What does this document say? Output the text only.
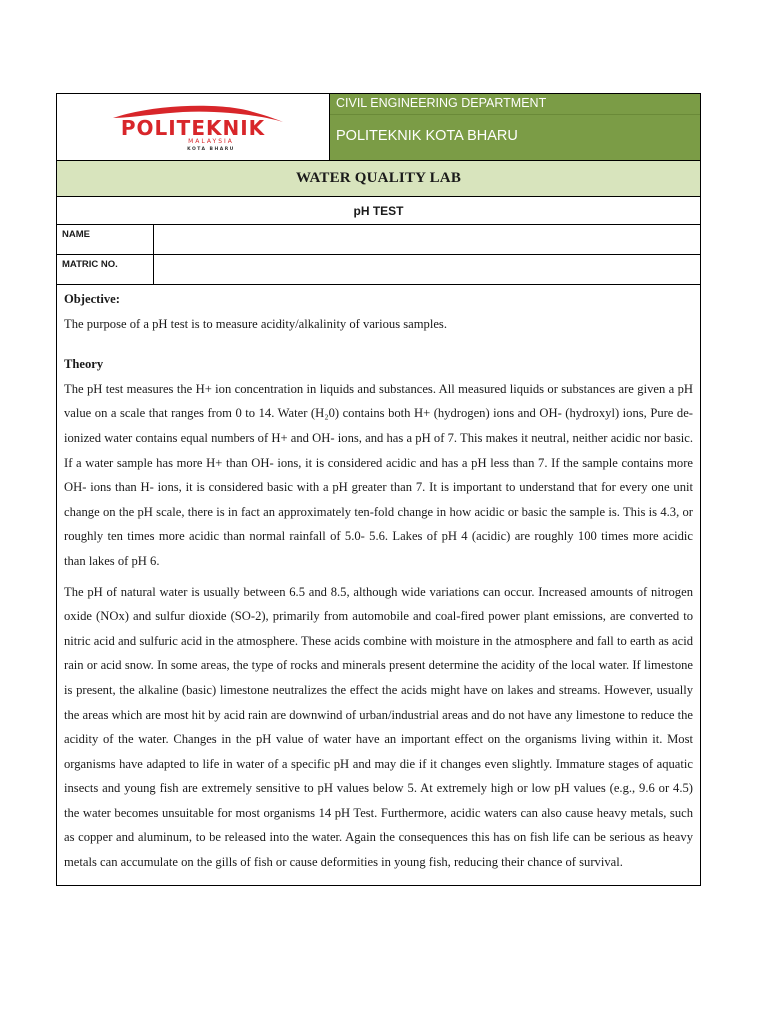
POLITEKNIK
MALAYSIA
KOTA BHARU
CIVIL ENGINEERING DEPARTMENT
POLITEKNIK KOTA BHARU
WATER QUALITY LAB
pH TEST
NAME
MATRIC NO.

Objective:

The purpose of a pH test is to measure acidity/alkalinity of various samples.

Theory

The pH test measures the H+ ion concentration in liquids and substances. All measured liquids or substances are given a pH value on a scale that ranges from 0 to 14. Water (H₂0) contains both H+ (hydrogen) ions and OH- (hydroxyl) ions, Pure de-ionized water contains equal numbers of H+ and OH- ions, and has a pH of 7. This makes it neutral, neither acidic nor basic. If a water sample has more H+ than OH- ions, it is considered acidic and has a pH less than 7. If the sample contains more OH- ions than H- ions, it is considered basic with a pH greater than 7. It is important to understand that for every one unit change on the pH scale, there is in fact an approximately ten-fold change in how acidic or basic the sample is. This is 4.3, or roughly ten times more acidic than normal rainfall of 5.0- 5.6. Lakes of pH 4 (acidic) are roughly 100 times more acidic than lakes of pH 6.

The pH of natural water is usually between 6.5 and 8.5, although wide variations can occur. Increased amounts of nitrogen oxide (NOx) and sulfur dioxide (SO-2), primarily from automobile and coal-fired power plant emissions, are converted to nitric acid and sulfuric acid in the atmosphere. These acids combine with moisture in the atmosphere and fall to earth as acid rain or acid snow. In some areas, the type of rocks and minerals present determine the acidity of the local water. If limestone is present, the alkaline (basic) limestone neutralizes the effect the acids might have on lakes and streams. However, usually the areas which are most hit by acid rain are downwind of urban/industrial areas and do not have any limestone to reduce the acidity of the water. Changes in the pH value of water have an important effect on the organisms living within it. Most organisms have adapted to life in water of a specific pH and may die if it changes even slightly. Immature stages of aquatic insects and young fish are extremely sensitive to pH values below 5. At extremely high or low pH values (e.g., 9.6 or 4.5) the water becomes unsuitable for most organisms 14 pH Test. Furthermore, acidic waters can also cause heavy metals, such as copper and aluminum, to be released into the water. Again the consequences this has on fish life can be serious as heavy metals can accumulate on the gills of fish or cause deformities in young fish, reducing their chance of survival.
